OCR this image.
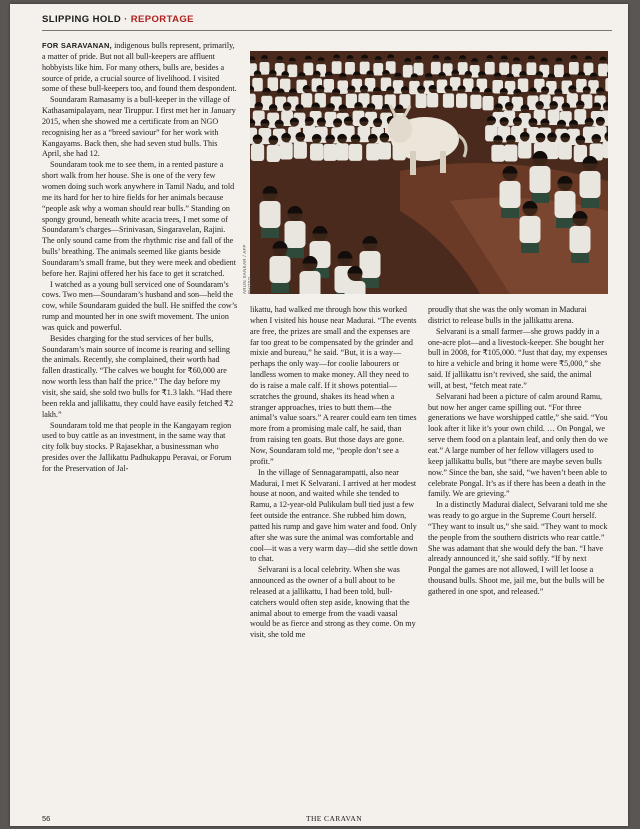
SLIPPING HOLD · REPORTAGE

FOR SARAVANAN, indigenous bulls represent, primarily, a matter of pride. But not all bull-keepers are affluent hobbyists like him. For many others, bulls are, besides a source of pride, a crucial source of livelihood. I visited some of these bull-keepers too, and found them despondent.

Soundaram Ramasamy is a bull-keeper in the village of Kathasamipalayam, near Tiruppur. I first met her in January 2015, when she showed me a certificate from an NGO recognising her as a “breed saviour” for her work with Kangayams. Back then, she had seven stud bulls. This April, she had 12.

Soundaram took me to see them, in a rented pasture a short walk from her house. She is one of the very few women doing such work anywhere in Tamil Nadu, and told me its hard for her to hire fields for her animals because “people ask why a woman should rear bulls.” Standing on spongy ground, beneath white acacia trees, I met some of Soundaram’s charges—Srinivasan, Singaravelan, Rajini. The only sound came from the rhythmic rise and fall of the bulls’ breathing. The animals seemed like giants beside Soundaram’s small frame, but they were meek and obedient before her. Rajini offered her his face to get it scratched.

I watched as a young bull serviced one of Soundaram’s cows. Two men—Soundaram’s husband and son—held the cow, while Soundaram guided the bull. He sniffed the cow’s rump and mounted her in one swift movement. The union was quick and powerful.

Besides charging for the stud services of her bulls, Soundaram’s main source of income is rearing and selling the animals. Recently, she complained, their worth had fallen drastically. “The calves we bought for ₹60,000 are now worth less than half the price.” The day before my visit, she said, she sold two bulls for ₹1.3 lakh. “Had there been rekla and jallikattu, they could have easily fetched ₹2 lakh.”

Soundaram told me that people in the Kangayam region used to buy cattle as an investment, in the same way that city folk buy stocks. P Rajasekhar, a businessman who presides over the Jallikattu Padhukappu Peravai, or Forum for the Preservation of Jal-

ARUN SANKAR / AFP PHOTO

likattu, had walked me through how this worked when I visited his house near Madurai. “The events are free, the prizes are small and the expenses are far too great to be compensated by the grinder and mixie and bureau,” he said. “But, it is a way—perhaps the only way—for coolie labourers or landless women to make money. All they need to do is raise a male calf. If it shows potential—scratches the ground, shakes its head when a stranger approaches, tries to butt them—the animal’s value soars.” A rearer could earn ten times more from a promising male calf, he said, than from raising ten goats. But those days are gone. Now, Soundaram told me, “people don’t see a profit.”

In the village of Sennagarampatti, also near Madurai, I met K Selvarani. I arrived at her modest house at noon, and waited while she tended to Ramu, a 12-year-old Pulikulam bull tied just a few feet outside the entrance. She rubbed him down, patted his rump and gave him water and food. Only after she was sure the animal was comfortable and cool—it was a very warm day—did she settle down to chat.

Selvarani is a local celebrity. When she was announced as the owner of a bull about to be released at a jallikattu, I had been told, bull-catchers would often step aside, knowing that the animal about to emerge from the vaadi vaasal would be as fierce and strong as they come. On my visit, she told me

proudly that she was the only woman in Madurai district to release bulls in the jallikattu arena.

Selvarani is a small farmer—she grows paddy in a one-acre plot—and a livestock-keeper. She bought her bull in 2008, for ₹105,000. “Just that day, my expenses to hire a vehicle and bring it home were ₹5,000,” she said. If jallikattu isn’t revived, she said, the animal will, at best, “fetch meat rate.”

Selvarani had been a picture of calm around Ramu, but now her anger came spilling out. “For three generations we have worshipped cattle,” she said. “You look after it like it’s your own child. … On Pongal, we serve them food on a plantain leaf, and only then do we eat.” A large number of her fellow villagers used to keep jallikattu bulls, but “there are maybe seven bulls now.” Since the ban, she said, “we haven’t been able to celebrate Pongal. It’s as if there has been a death in the family. We are grieving.”

In a distinctly Madurai dialect, Selvarani told me she was ready to go argue in the Supreme Court herself. “They want to insult us,” she said. “They want to mock the people from the southern districts who rear cattle.” She was adamant that she would defy the ban. “I have already announced it,’ she said softly. “If by next Pongal the games are not allowed, I will let loose a thousand bulls. Shoot me, jail me, but the bulls will be gathered in one spot, and released.”

56	THE CARAVAN
